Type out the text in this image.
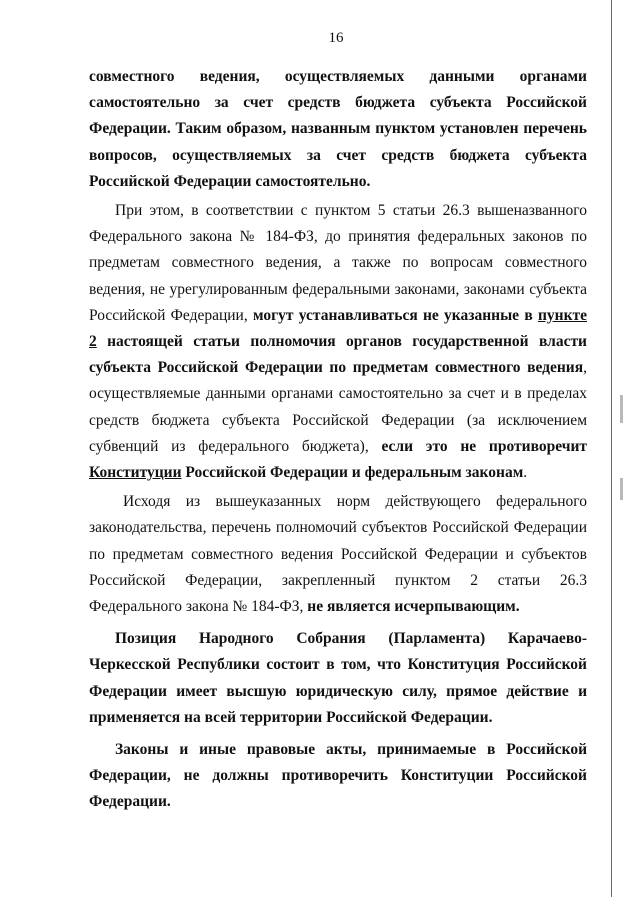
16

совместного ведения, осуществляемых данными органами самостоятельно за счет средств бюджета субъекта Российской Федерации. Таким образом, названным пунктом установлен перечень вопросов, осуществляемых за счет средств бюджета субъекта Российской Федерации самостоятельно.

При этом, в соответствии с пунктом 5 статьи 26.3 вышеназванного Федерального закона № 184-ФЗ, до принятия федеральных законов по предметам совместного ведения, а также по вопросам совместного ведения, не урегулированным федеральными законами, законами субъекта Российской Федерации, могут устанавливаться не указанные в пункте 2 настоящей статьи полномочия органов государственной власти субъекта Российской Федерации по предметам совместного ведения, осуществляемые данными органами самостоятельно за счет и в пределах средств бюджета субъекта Российской Федерации (за исключением субвенций из федерального бюджета), если это не противоречит Конституции Российской Федерации и федеральным законам.

Исходя из вышеуказанных норм действующего федерального законодательства, перечень полномочий субъектов Российской Федерации по предметам совместного ведения Российской Федерации и субъектов Российской Федерации, закрепленный пунктом 2 статьи 26.3 Федерального закона № 184-ФЗ, не является исчерпывающим.

Позиция Народного Собрания (Парламента) Карачаево-Черкесской Республики состоит в том, что Конституция Российской Федерации имеет высшую юридическую силу, прямое действие и применяется на всей территории Российской Федерации.

Законы и иные правовые акты, принимаемые в Российской Федерации, не должны противоречить Конституции Российской Федерации.
